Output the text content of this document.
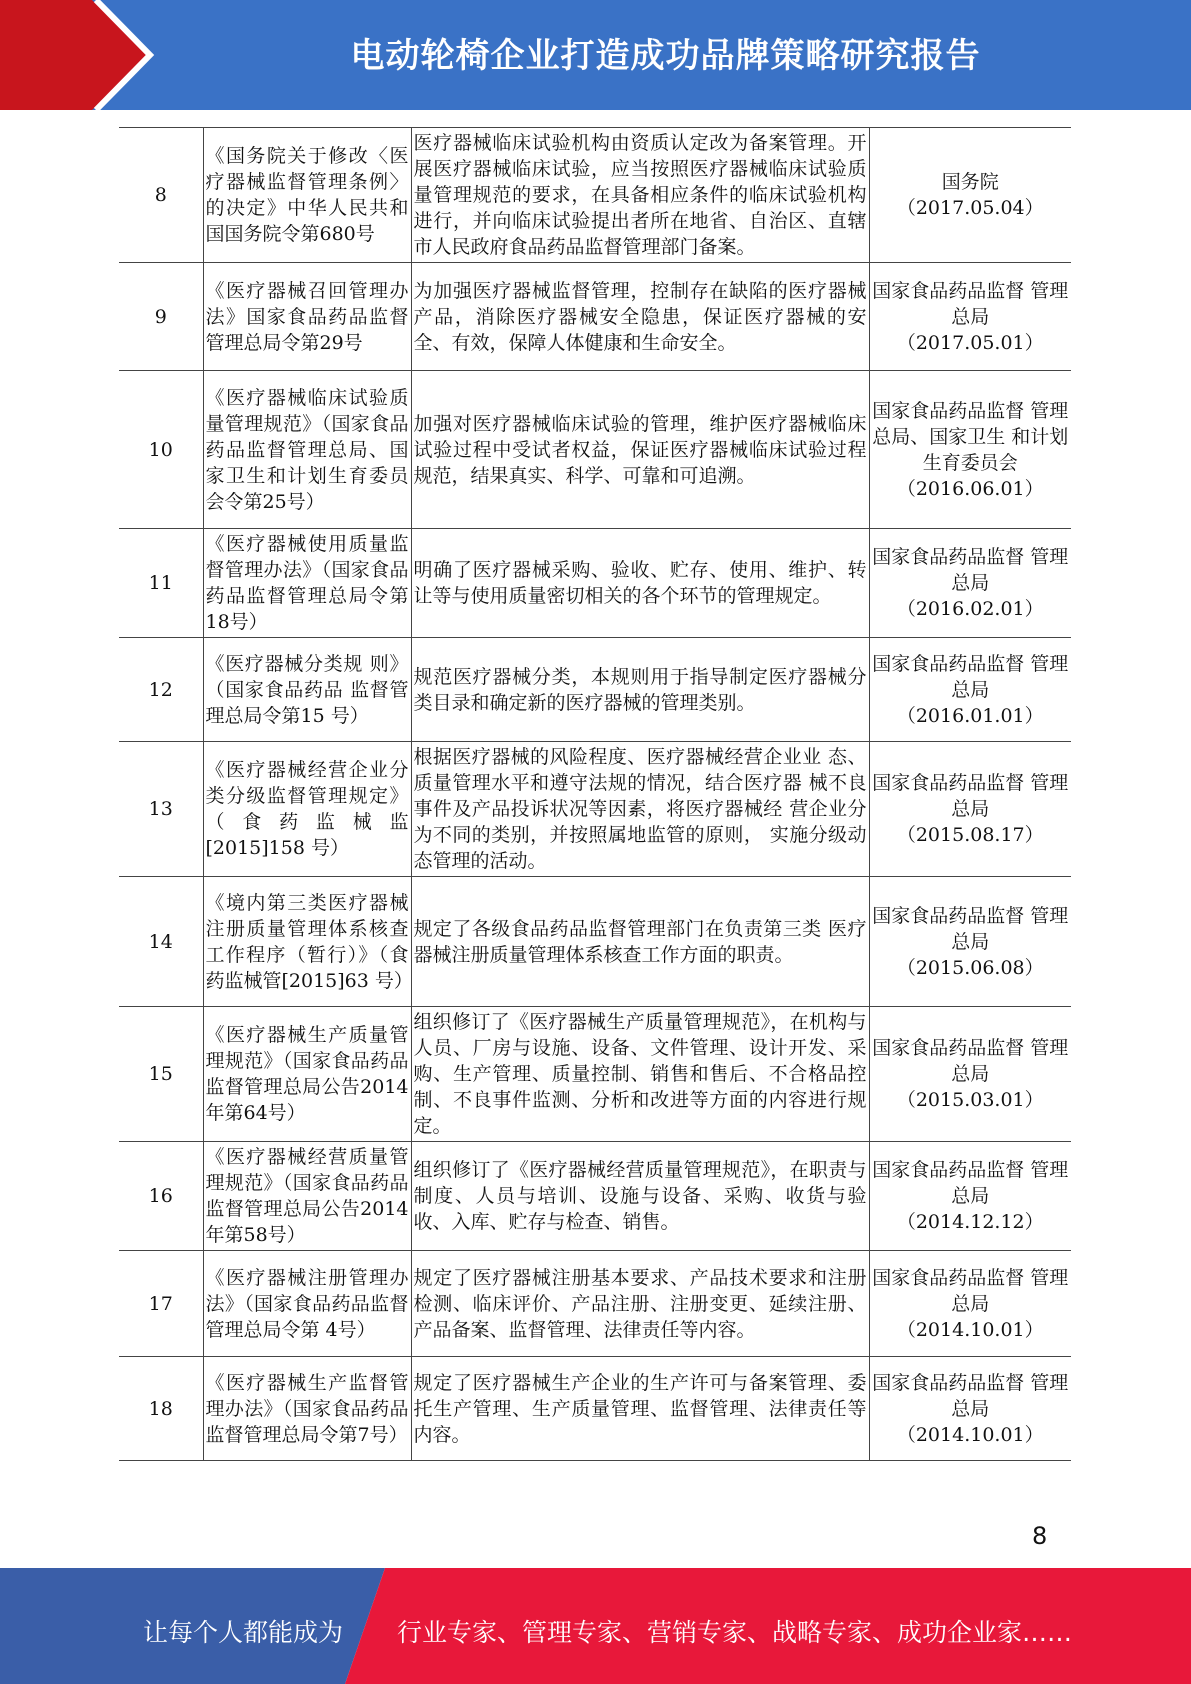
电动轮椅企业打造成功品牌策略研究报告
8	《国务院关于修改〈医疗器械监督管理条例〉的决定》中华人民共和国国务院令第680号	医疗器械临床试验机构由资质认定改为备案管理。开展医疗器械临床试验，应当按照医疗器械临床试验质量管理规范的要求，在具备相应条件的临床试验机构进行，并向临床试验提出者所在地省、自治区、直辖市人民政府食品药品监督管理部门备案。	国务院
（2017.05.04）

9	《医疗器械召回管理办法》国家食品药品监督管理总局令第29号	为加强医疗器械监督管理，控制存在缺陷的医疗器械产品，消除医疗器械安全隐患，保证医疗器械的安全、有效，保障人体健康和生命安全。	国家食品药品监督 管理总局
（2017.05.01）

10	《医疗器械临床试验质量管理规范》（国家食品药品监督管理总局、国家卫生和计划生育委员会令第25号）	加强对医疗器械临床试验的管理，维护医疗器械临床试验过程中受试者权益，保证医疗器械临床试验过程规范，结果真实、科学、可靠和可追溯。	国家食品药品监督 管理总局、国家卫生 和计划生育委员会
（2016.06.01）

11	《医疗器械使用质量监督管理办法》（国家食品药品监督管理总局令第18号）	明确了医疗器械采购、验收、贮存、使用、维护、转让等与使用质量密切相关的各个环节的管理规定。	国家食品药品监督 管理总局
（2016.02.01）

12	《医疗器械分类规 则》（国家食品药品 监督管理总局令第15 号）	规范医疗器械分类，本规则用于指导制定医疗器械分类目录和确定新的医疗器械的管理类别。	国家食品药品监督 管理总局
（2016.01.01）

13	《医疗器械经营企业分类分级监督管理规定》（食药监械监[2015]158 号）	根据医疗器械的风险程度、医疗器械经营企业业 态、质量管理水平和遵守法规的情况，结合医疗器 械不良事件及产品投诉状况等因素，将医疗器械经 营企业分为不同的类别，并按照属地监管的原则， 实施分级动态管理的活动。	国家食品药品监督 管理总局
（2015.08.17）

14	《境内第三类医疗器械注册质量管理体系核查工作程序（暂行）》（食药监械管[2015]63 号）	规定了各级食品药品监督管理部门在负责第三类 医疗器械注册质量管理体系核查工作方面的职责。	国家食品药品监督 管理总局
（2015.06.08）

15	《医疗器械生产质量管理规范》（国家食品药品监督管理总局公告2014年第64号）	组织修订了《医疗器械生产质量管理规范》，在机构与人员、厂房与设施、设备、文件管理、设计开发、采购、生产管理、质量控制、销售和售后、不合格品控制、不良事件监测、分析和改进等方面的内容进行规定。	国家食品药品监督 管理总局
（2015.03.01）

16	《医疗器械经营质量管理规范》（国家食品药品监督管理总局公告2014年第58号）	组织修订了《医疗器械经营质量管理规范》，在职责与制度、人员与培训、设施与设备、采购、收货与验收、入库、贮存与检查、销售。	国家食品药品监督 管理总局
（2014.12.12）

17	《医疗器械注册管理办法》（国家食品药品监督管理总局令第 4号）	规定了医疗器械注册基本要求、产品技术要求和注册检测、临床评价、产品注册、注册变更、延续注册、产品备案、监督管理、法律责任等内容。	国家食品药品监督 管理总局
（2014.10.01）

18	《医疗器械生产监督管理办法》（国家食品药品监督管理总局令第7号）	规定了医疗器械生产企业的生产许可与备案管理、委托生产管理、生产质量管理、监督管理、法律责任等内容。	国家食品药品监督 管理总局
（2014.10.01）
8
让每个人都能成为 行业专家、管理专家、营销专家、战略专家、成功企业家……
